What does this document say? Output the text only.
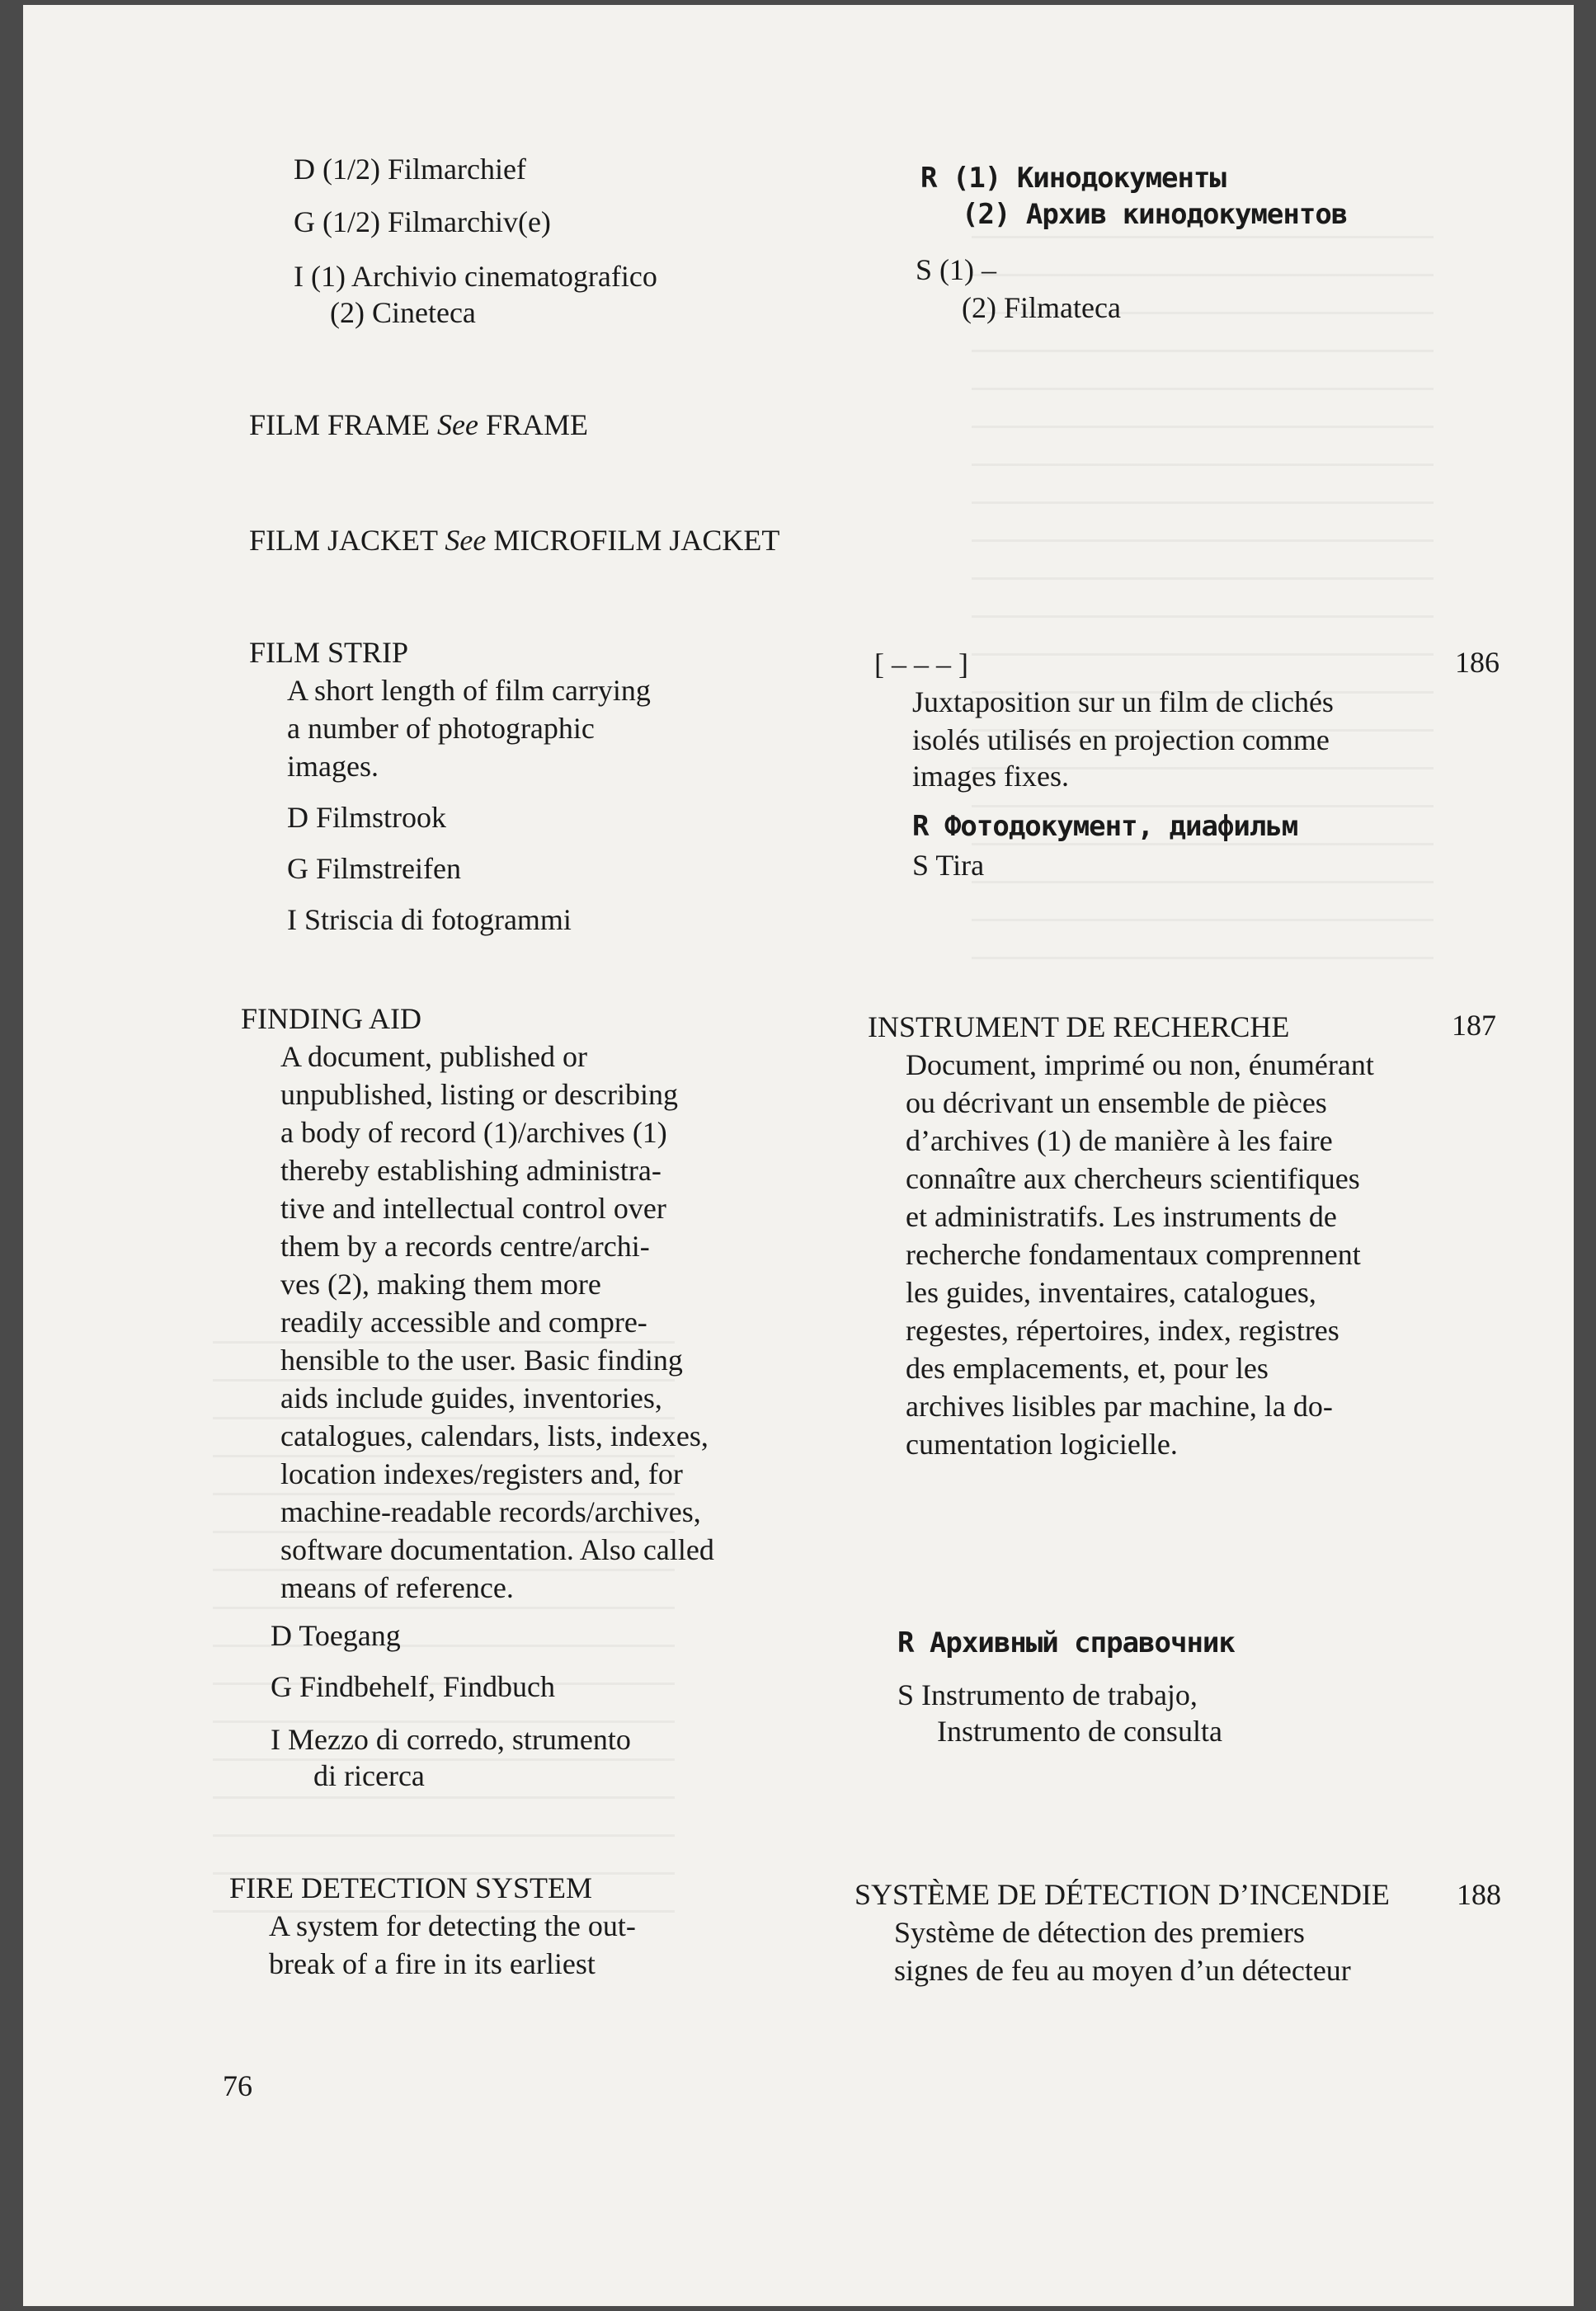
D (1/2) Filmarchief
G (1/2) Filmarchiv(e)
I (1) Archivio cinematografico
(2) Cineteca
R (1) Кинодокументы
(2) Архив кинодокументов
S (1) –
(2) Filmateca
FILM FRAME See FRAME
FILM JACKET See MICROFILM JACKET
FILM STRIP
A short length of film carrying
a number of photographic
images.
D Filmstrook
G Filmstreifen
I Striscia di fotogrammi
[ – – – ]	186
Juxtaposition sur un film de clichés
isolés utilisés en projection comme
images fixes.
R Фотодокумент, диафильм
S Tira
FINDING AID
A document, published or
unpublished, listing or describing
a body of record (1)/archives (1)
thereby establishing administra-
tive and intellectual control over
them by a records centre/archi-
ves (2), making them more
readily accessible and compre-
hensible to the user. Basic finding
aids include guides, inventories,
catalogues, calendars, lists, indexes,
location indexes/registers and, for
machine-readable records/archives,
software documentation. Also called
means of reference.
D Toegang
G Findbehelf, Findbuch
I Mezzo di corredo, strumento
di ricerca
INSTRUMENT DE RECHERCHE	187
Document, imprimé ou non, énumérant
ou décrivant un ensemble de pièces
d’archives (1) de manière à les faire
connaître aux chercheurs scientifiques
et administratifs. Les instruments de
recherche fondamentaux comprennent
les guides, inventaires, catalogues,
regestes, répertoires, index, registres
des emplacements, et, pour les
archives lisibles par machine, la do-
cumentation logicielle.
R Архивный справочник
S Instrumento de trabajo,
Instrumento de consulta
FIRE DETECTION SYSTEM
A system for detecting the out-
break of a fire in its earliest
SYSTÈME DE DÉTECTION D’INCENDIE 188
Système de détection des premiers
signes de feu au moyen d’un détecteur
76
